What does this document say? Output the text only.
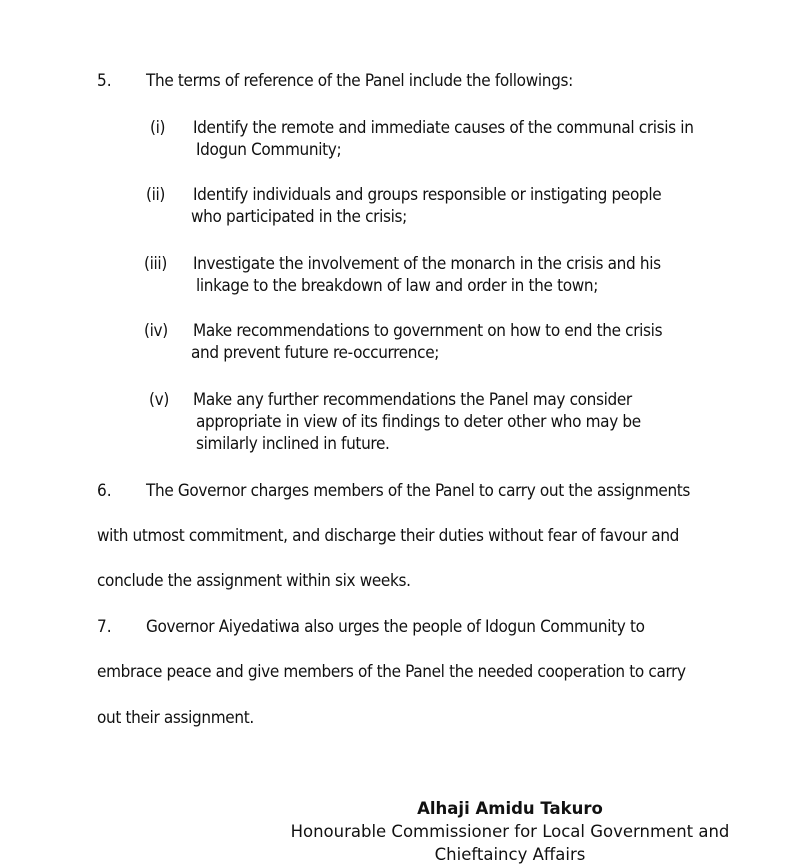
5. The terms of reference of the Panel include the followings:
(i) Identify the remote and immediate causes of the communal crisis in
Idogun Community;
(ii) Identify individuals and groups responsible or instigating people
who participated in the crisis;
(iii) Investigate the involvement of the monarch in the crisis and his
linkage to the breakdown of law and order in the town;
(iv) Make recommendations to government on how to end the crisis
and prevent future re-occurrence;
(v) Make any further recommendations the Panel may consider
appropriate in view of its findings to deter other who may be
similarly inclined in future.
6. The Governor charges members of the Panel to carry out the assignments
with utmost commitment, and discharge their duties without fear of favour and
conclude the assignment within six weeks.
7. Governor Aiyedatiwa also urges the people of Idogun Community to
embrace peace and give members of the Panel the needed cooperation to carry
out their assignment.
Alhaji Amidu Takuro
Honourable Commissioner for Local Government and
Chieftaincy Affairs
